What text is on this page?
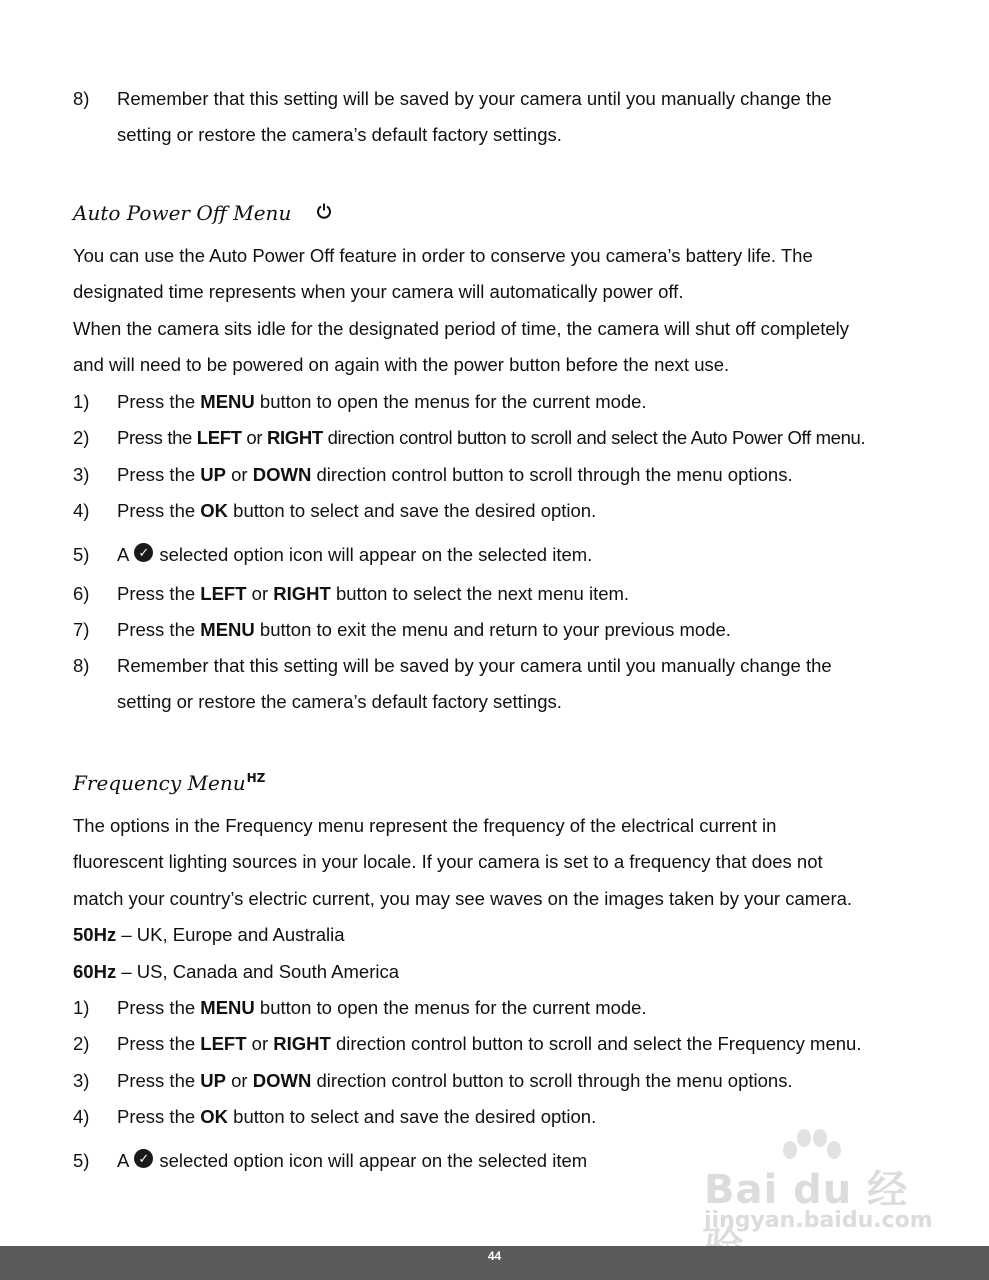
8)	Remember that this setting will be saved by your camera until you manually change the
setting or restore the camera’s default factory settings.
Auto Power Off Menu
You can use the Auto Power Off feature in order to conserve you camera’s battery life. The
designated time represents when your camera will automatically power off.
When the camera sits idle for the designated period of time, the camera will shut off completely
and will need to be powered on again with the power button before the next use.
1)	Press the MENU button to open the menus for the current mode.
2)	Press the LEFT or RIGHT direction control button to scroll and select the Auto Power Off menu.
3)	Press the UP or DOWN direction control button to scroll through the menu options.
4)	Press the OK button to select and save the desired option.
5)	A ✓ selected option icon will appear on the selected item.
6)	Press the LEFT or RIGHT button to select the next menu item.
7)	Press the MENU button to exit the menu and return to your previous mode.
8)	Remember that this setting will be saved by your camera until you manually change the
setting or restore the camera’s default factory settings.
Frequency Menu$^{HZ}$
The options in the Frequency menu represent the frequency of the electrical current in
fluorescent lighting sources in your locale. If your camera is set to a frequency that does not
match your country’s electric current, you may see waves on the images taken by your camera.
50Hz – UK, Europe and Australia
60Hz – US, Canada and South America
1)	Press the MENU button to open the menus for the current mode.
2)	Press the LEFT or RIGHT direction control button to scroll and select the Frequency menu.
3)	Press the UP or DOWN direction control button to scroll through the menu options.
4)	Press the OK button to select and save the desired option.
5)	A ✓ selected option icon will appear on the selected item
Bai du 经
jingyan.baidu.com
44
